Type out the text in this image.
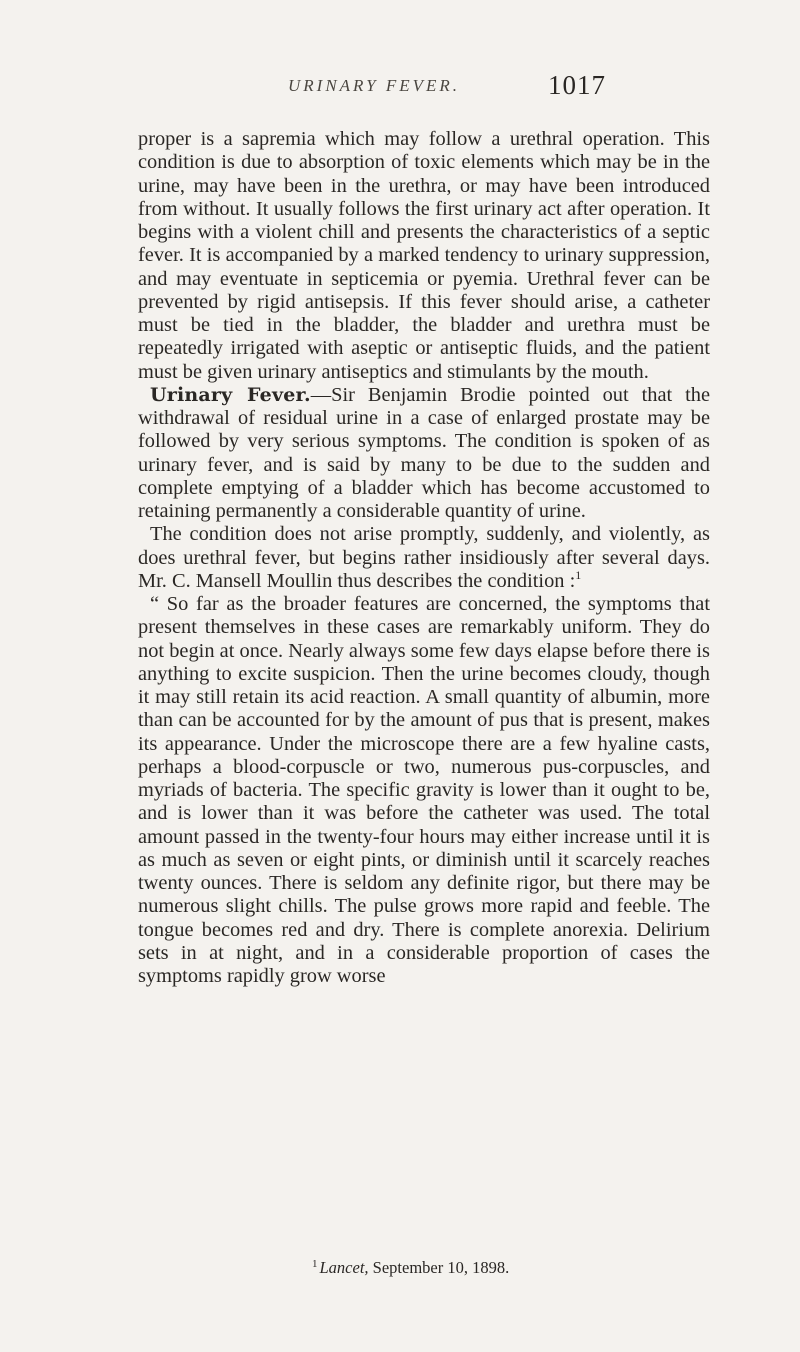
URINARY FEVER.	1017

proper is a sapremia which may follow a urethral operation. This condition is due to absorption of toxic elements which may be in the urine, may have been in the urethra, or may have been introduced from without. It usually follows the first urinary act after operation. It begins with a violent chill and presents the characteristics of a septic fever. It is accompanied by a marked tendency to urinary suppression, and may eventuate in septicemia or pyemia. Urethral fever can be prevented by rigid antisepsis. If this fever should arise, a catheter must be tied in the bladder, the bladder and urethra must be repeatedly irrigated with aseptic or antiseptic fluids, and the patient must be given urinary antiseptics and stimulants by the mouth.

Urinary Fever.—Sir Benjamin Brodie pointed out that the withdrawal of residual urine in a case of enlarged prostate may be followed by very serious symptoms. The condition is spoken of as urinary fever, and is said by many to be due to the sudden and complete emptying of a bladder which has become accustomed to retaining permanently a considerable quantity of urine.

The condition does not arise promptly, suddenly, and violently, as does urethral fever, but begins rather insidiously after several days. Mr. C. Mansell Moullin thus describes the condition :$^1$

“ So far as the broader features are concerned, the symptoms that present themselves in these cases are remarkably uniform. They do not begin at once. Nearly always some few days elapse before there is anything to excite suspicion. Then the urine becomes cloudy, though it may still retain its acid reaction. A small quantity of albumin, more than can be accounted for by the amount of pus that is present, makes its appearance. Under the microscope there are a few hyaline casts, perhaps a blood-corpuscle or two, numerous pus-corpuscles, and myriads of bacteria. The specific gravity is lower than it ought to be, and is lower than it was before the catheter was used. The total amount passed in the twenty-four hours may either increase until it is as much as seven or eight pints, or diminish until it scarcely reaches twenty ounces. There is seldom any definite rigor, but there may be numerous slight chills. The pulse grows more rapid and feeble. The tongue becomes red and dry. There is complete anorexia. Delirium sets in at night, and in a considerable proportion of cases the symptoms rapidly grow worse

$^1$ Lancet, September 10, 1898.
